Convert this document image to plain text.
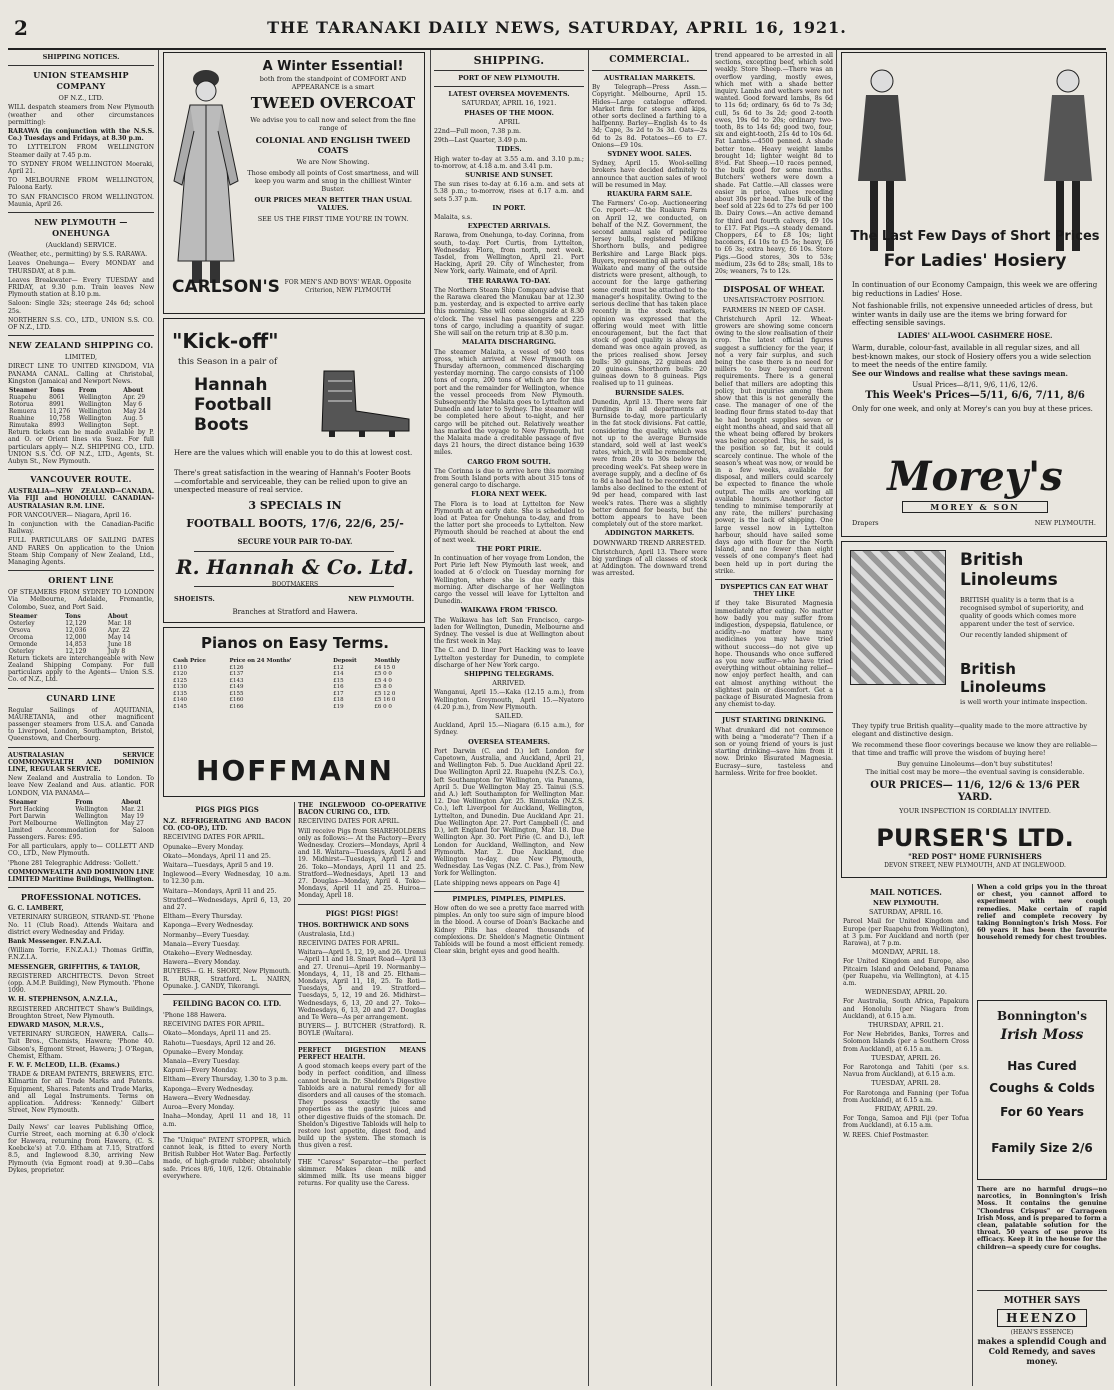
2	THE TARANAKI DAILY NEWS, SATURDAY, APRIL 16, 1921.
SHIPPING NOTICES.
UNION STEAMSHIP COMPANY
OF N.Z., LTD.

WILL despatch steamers from New Plymouth (weather and other circumstances permitting):

RARAWA (in conjunction with the N.S.S. Co.) Tuesdays and Fridays, at 8.30 p.m.

TO LYTTELTON FROM WELLINGTON Steamer daily at 7.45 p.m.

TO SYDNEY FROM WELLINGTON Moeraki, April 21.

TO MELBOURNE FROM WELLINGTON, Paloona Early.

TO SAN FRANCISCO FROM WELLINGTON. Maunia, April 26.

NEW PLYMOUTH — ONEHUNGA
(Auckland) SERVICE.

(Weather, etc., permitting) by S.S. RARAWA.

Leaves Onehunga— Every MONDAY and THURSDAY, at 8 p.m.

Leaves Breakwater— Every TUESDAY and FRIDAY, at 9.30 p.m. Train leaves New Plymouth station at 8.10 p.m.

Saloon: Single 32s; steerage 24s 6d; school 25s.

NORTHERN S.S. CO., LTD., UNION S.S. CO. OF N.Z., LTD.

NEW ZEALAND SHIPPING CO.
LIMITED,

DIRECT LINE TO UNITED KINGDOM, VIA PANAMA CANAL. Calling at Christobal, Kingston (Jamaica) and Newport News.

Steamer	Tons	From	About
Ruapehu	8061	Wellington	Apr. 29
Rotorua	8991	Wellington	May 6
Remuera	11,276	Wellington	May 24
Ruahine	10,758	Wellington	Aug. 5
Rimutaka	8993	Wellington	Sept.

Return tickets can be made available by P. and O. or Orient lines via Suez. For full particulars apply— N.Z. SHIPPING CO., LTD. UNION S.S. CO. OF N.Z., LTD., Agents, St. Aubyn St., New Plymouth.

VANCOUVER ROUTE.

AUSTRALIA—NEW ZEALAND—CANADA. Via FIJI and HONOLULU. CANADIAN-AUSTRALASIAN R.M. LINE.

FOR VANCOUVER— Niagara, April 16.

In conjunction with the Canadian-Pacific Railway.

FULL PARTICULARS OF SAILING DATES AND FARES On application to the Union Steam Ship Company of New Zealand, Ltd., Managing Agents.

ORIENT LINE

OF STEAMERS FROM SYDNEY TO LONDON Via Melbourne, Adelaide, Fremantle, Colombo, Suez, and Port Said.

Steamer	Tons	About
Osterley	12,129	Mar. 18
Orsova	12,036	Apr. 22
Orcoma	12,000	May 14
Ormonde	14,853	June 18
Osterley	12,129	July 8

Return tickets are interchangeable with New Zealand Shipping Company. For full particulars apply to the Agents— Union S.S. Co. of N.Z., Ltd.

CUNARD LINE

Regular Sailings of AQUITANIA, MAURETANIA, and other magnificent passenger steamers from U.S.A. and Canada to Liverpool, London, Southampton, Bristol, Queenstown, and Cherbourg.

AUSTRALASIAN SERVICE COMMONWEALTH AND DOMINION LINE, REGULAR SERVICE.

New Zealand and Australia to London. To leave New Zealand and Aus. atlantic. FOR LONDON, VIA PANAMA—

Steamer	From	About
Port Hacking	Wellington	Mar. 21
Port Darwin	Wellington	May 19
Port Melbourne	Wellington	May 27

Limited Accommodation for Saloon Passengers. Fares: £95.

For all particulars, apply to— COLLETT AND CO., LTD., New Plymouth.

'Phone 281 Telegraphic Address: 'Gollett.'

COMMONWEALTH AND DOMINION LINE LIMITED Maritime Buildings, Wellington.

PROFESSIONAL NOTICES.

G. C. LAMBERT,

VETERINARY SURGEON, STRAND-ST. 'Phone No. 11 (Club Road). Attends Waitara and district every Wednesday and Friday.

Bank Messenger. F.N.Z.A.I.

(William Torrie, F.N.Z.A.I.) Thomas Griffin, F.N.Z.I.A.

MESSENGER, GRIFFITHS, & TAYLOR,

REGISTERED ARCHITECTS. Devon Street (opp. A.M.P. Building), New Plymouth. 'Phone 1090.

W. H. STEPHENSON, A.N.Z.I.A.,

REGISTERED ARCHITECT Shaw's Buildings, Broughton Street, New Plymouth.

EDWARD MASON, M.R.V.S.,

VETERINARY SURGEON, HAWERA. Calls—Tait Bros., Chemists, Hawera; 'Phone 40. Gibson's, Egmont Street, Hawera; J. O'Regan, Chemist, Eltham.

F. W. F. McLEOD, LL.B. (Exams.)

TRADE & DREAM PATENTS, BREWERS, ETC. Kilmartin for all Trade Marks and Patents. Equipment, Shares. Patents and Trade Marks, and all Legal Instruments. Terms on application. Address: 'Kennedy.' Gilbert Street, New Plymouth.

Daily News' car leaves Publishing Office, Currie Street, each morning at 6.30 o'clock for Hawera, returning from Hawera, (C. S. Koebcke's) at 7.0. Eltham at 7.15, Stratford 8.5, and Inglewood 8.30, arriving New Plymouth (via Egmont road) at 9.30—Cabs Dykes, proprietor.

A Winter Essential!
both from the standpoint of COMFORT AND APPEARANCE is a smart
TWEED OVERCOAT
We advise you to call now and select from the fine range of
COLONIAL AND ENGLISH TWEED COATS
We are Now Showing.
Those embody all points of Cost smartness, and will keep you warm and snug in the chilliest Winter Buster.
OUR PRICES MEAN BETTER THAN USUAL VALUES.
SEE US THE FIRST TIME YOU'RE IN TOWN.
CARLSON'S FOR MEN'S AND BOYS' WEAR. Opposite Criterion, NEW PLYMOUTH
"Kick-off"
this Season in a pair of
Hannah
Football
Boots
Here are the values which will enable you to do this at lowest cost.
There's great satisfaction in the wearing of Hannah's Footer Boots—comfortable and serviceable, they can be relied upon to give an unexpected measure of real service.
3 SPECIALS IN
FOOTBALL BOOTS, 17/6, 22/6, 25/-
SECURE YOUR PAIR TO-DAY.
R. Hannah & Co. Ltd.
BOOTMAKERS
SHOEISTS.	NEW PLYMOUTH.
Branches at Stratford and Hawera.
Pianos on Easy Terms.
Cash Price	Price on 24 Months'	Deposit	Monthly
£110	£126	£12	£4 15 0
£120	£137	£14	£5 0 0
£125	£143	£15	£5 4 0
£130	£149	£16	£5 8 0
£135	£155	£17	£5 12 0
£140	£160	£18	£5 16 0
£145	£166	£19	£6 0 0
HOFFMANN
PIGS PIGS PIGS

N.Z. REFRIGERATING AND BACON CO. (CO-OP.), LTD.

RECEIVING DATES FOR APRIL.

Opunake—Every Monday.

Okato—Mondays, April 11 and 25.

Waitara—Tuesdays, April 5 and 19.

Inglewood—Every Wednesday, 10 a.m. to 12.30 p.m.

Waitara—Mondays, April 11 and 25.

Stratford—Wednesdays, April 6, 13, 20 and 27.

Eltham—Every Thursday.

Kaponga—Every Wednesday.

Normanby—Every Tuesday.

Manaia—Every Tuesday.

Otakeho—Every Wednesday.

Hawera—Every Monday.

BUYERS— G. H. SHORT, New Plymouth. R. BURR, Stratford. L. NAIRN, Opunake. J. CANDY, Tikorangi.

FEILDING BACON CO. LTD.

'Phone 188 Hawera.

RECEIVING DATES FOR APRIL.

Okato—Mondays, April 11 and 25.

Rahotu—Tuesdays, April 12 and 26.

Opunake—Every Monday.

Manaia—Every Tuesday.

Kapuni—Every Monday.

Eltham—Every Thursday, 1.30 to 3 p.m.

Kaponga—Every Wednesday.

Hawera—Every Wednesday.

Auroa—Every Monday.

Inaha—Monday, April 11 and 18, 11 a.m.

The "Unique" PATENT STOPPER, which cannot leak, is fitted to every North British Rubber Hot Water Bag. Perfectly made, of high-grade rubber; absolutely safe. Prices 8/6, 10/6, 12/6. Obtainable everywhere.

THE INGLEWOOD CO-OPERATIVE BACON CURING CO., LTD.

RECEIVING DATES FOR APRIL.

Will receive Pigs from SHAREHOLDERS only as follows:— At the Factory—Every Wednesday. Croziers—Mondays, April 4 and 18. Waitara—Tuesdays, April 5 and 19. Midhirst—Tuesdays, April 12 and 26. Toko—Mondays, April 11 and 25. Stratford—Wednesdays, April 13 and 27. Douglas—Monday, April 4. Toko—Mondays, April 11 and 25. Huiroa—Monday, April 18.

PIGS! PIGS! PIGS!

THOS. BORTHWICK AND SONS

(Australasia, Ltd.)

RECEIVING DATES FOR APRIL.

Waitara—April 5, 12, 19, and 26. Urenui—April 11 and 18. Smart Road—April 13 and 27. Urenui—April 19. Normanby—Mondays, 4, 11, 18 and 25. Eltham—Mondays, April 11, 18, 25. Te Roti—Tuesdays, 5 and 19. Stratford—Tuesdays, 5, 12, 19 and 26. Midhirst—Wednesdays, 6, 13, 20 and 27. Toko—Wednesdays, 6, 13, 20 and 27. Douglas and Te Wera—As per arrangement.

BUYERS— J. BUTCHER (Stratford). R. BOYLE (Waitara).

PERFECT DIGESTION MEANS PERFECT HEALTH.

A good stomach keeps every part of the body in perfect condition, and illness cannot break in. Dr. Sheldon's Digestive Tabloids are a natural remedy for all disorders and all causes of the stomach. They possess exactly the same properties as the gastric juices and other digestive fluids of the stomach. Dr. Sheldon's Digestive Tabloids will help to restore lost appetite, digest food, and build up the system. The stomach is thus given a rest.

THE "Caress" Separator—the perfect skimmer. Makes clean milk and skimmed milk. Its use means bigger returns. For quality use the Caress.

SHIPPING.
PORT OF NEW PLYMOUTH.
LATEST OVERSEA MOVEMENTS.
SATURDAY, APRIL 16, 1921.
PHASES OF THE MOON.
APRIL

22nd—Full moon, 7.38 p.m.

29th—Last Quarter, 3.49 p.m.

TIDES.

High water to-day at 3.55 a.m. and 3.10 p.m.; to-morrow, at 4.18 a.m. and 3.41 p.m.

SUNRISE AND SUNSET.

The sun rises to-day at 6.16 a.m. and sets at 5.38 p.m.; to-morrow, rises at 6.17 a.m. and sets 5.37 p.m.

IN PORT.

Malaita, s.s.

EXPECTED ARRIVALS.

Rarawa, from Onehunga, to-day. Corinna, from south, to-day. Port Curtis, from Lyttelton, Wednesday. Flora, from north, next week. Tasdel, from Wellington, April 21. Port Hacking, April 29. City of Winchester, from New York, early. Waimate, end of April.

THE RARAWA TO-DAY.

The Northern Steam Ship Company advise that the Rarawa cleared the Manukau bar at 12.30 p.m. yesterday, and is expected to arrive early this morning. She will come alongside at 8.30 o'clock. The vessel has passengers and 225 tons of cargo, including a quantity of sugar. She will sail on the return trip at 8.30 p.m.

MALAITA DISCHARGING.

The steamer Malaita, a vessel of 940 tons gross, which arrived at New Plymouth on Thursday afternoon, commenced discharging yesterday morning. The cargo consists of 1100 tons of copra, 200 tons of which are for this port and the remainder for Wellington, whence the vessel proceeds from New Plymouth. Subsequently the Malaita goes to Lyttelton and Dunedin and later to Sydney. The steamer will be completed here about to-night, and her cargo will be pitched out. Relatively weather has marked the voyage to New Plymouth, but the Malaita made a creditable passage of five days 21 hours, the direct distance being 1639 miles.

CARGO FROM SOUTH.

The Corinna is due to arrive here this morning from South Island ports with about 315 tons of general cargo to discharge.

FLORA NEXT WEEK.

The Flora is to load at Lyttelton for New Plymouth at an early date. She is scheduled to load at Patea for Onehunga to-day, and from the latter port she proceeds to Lyttelton. New Plymouth should be reached at about the end of next week.

THE PORT PIRIE.

In continuation of her voyage from London, the Port Pirie left New Plymouth last week, and loaded at 6 o'clock on Tuesday morning for Wellington, where she is due early this morning. After discharge of her Wellington cargo the vessel will leave for Lyttelton and Dunedin.

WAIKAWA FROM 'FRISCO.

The Waikawa has left San Francisco, cargo-laden for Wellington, Dunedin, Melbourne and Sydney. The vessel is due at Wellington about the first week in May.

The C. and D. liner Port Hacking was to leave Lyttelton yesterday for Dunedin, to complete discharge of her New York cargo.

SHIPPING TELEGRAMS.
ARRIVED.

Wanganui, April 15.—Kaka (12.15 a.m.), from Wellington. Greymouth, April 15.—Nyatoro (4.20 p.m.), from New Plymouth.

SAILED.

Auckland, April 15.—Niagara (6.15 a.m.), for Sydney.

OVERSEA STEAMERS.

Port Darwin (C. and D.) left London for Capetown, Australia, and Auckland, April 21, and Wellington Feb. 5. Due Auckland April 22. Due Wellington April 22. Ruapehu (N.Z.S. Co.), left Southampton for Wellington, via Panama, April 5. Due Wellington May 25. Tainui (S.S. and A.) left Southampton for Wellington Mar. 12. Due Wellington Apr. 25. Rimutaka (N.Z.S. Co.), left Liverpool for Auckland, Wellington, Lyttelton, and Dunedin. Due Auckland Apr. 21. Due Wellington Apr. 27. Port Campbell (C. and D.), left England for Wellington, Mar. 18. Due Wellington Apr. 30. Port Pirie (C. and D.), left London for Auckland, Wellington, and New Plymouth. Mar. 2. Due Auckland, due Wellington to-day, due New Plymouth, Wednesday. Las Vegas (N.Z. C. Pas.), from New York for Wellington.

[Late shipping news appears on Page 4]

PIMPLES, PIMPLES, PIMPLES.

How often do we see a pretty face marred with pimples. An only too sure sign of impure blood in the blood. A course of Doan's Backache and Kidney Pills has cleared thousands of complexions. Dr. Sheldon's Magnetic Ointment Tabloids will be found a most efficient remedy. Clear skin, bright eyes and good health.

COMMERCIAL.
AUSTRALIAN MARKETS.

By Telegraph—Press Assn.—Copyright. Melbourne, April 15. Hides—Large catalogue offered. Market firm for steers and kips, other sorts declined a farthing to a halfpenny. Barley—English 4s to 4s 3d; Cape, 3s 2d to 3s 3d. Oats—2s 6d to 2s 8d. Potatoes—£6 to £7. Onions—£9 10s.

SYDNEY WOOL SALES.

Sydney, April 15. Wool-selling brokers have decided definitely to announce that auction sales of wool will be resumed in May.

RUAKURA FARM SALE.

The Farmers' Co-op. Auctioneering Co. report:—At the Ruakura Farm on April 12, we conducted, on behalf of the N.Z. Government, the second annual sale of pedigree Jersey bulls, registered Milking Shorthorn bulls, and pedigree Berkshire and Large Black pigs. Buyers, representing all parts of the Waikato and many of the outside districts were present, although, to account for the large gathering some credit must be attached to the manager's hospitality. Owing to the serious decline that has taken place recently in the stock markets, opinion was expressed that the offering would meet with little encouragement, but the fact that stock of good quality is always in demand was once again proved, as the prices realised show. Jersey bulls: 30 guineas, 22 guineas and 20 guineas. Shorthorn bulls: 20 guineas down to 8 guineas. Pigs realised up to 11 guineas.

BURNSIDE SALES.

Dunedin, April 13. There were fair yardings in all departments at Burnside to-day, more particularly in the fat stock divisions. Fat cattle, considering the quality, which was not up to the average Burnside standard, sold well at last week's rates, which, it will be remembered, were from 20s to 30s below the preceding week's. Fat sheep were in average supply, and a decline of 6s to 8d a head had to be recorded. Fat lambs also declined to the extent of 9d per head, compared with last week's rates. There was a slightly better demand for beasts, but the bottom appears to have been completely out of the store market.

ADDINGTON MARKETS.
DOWNWARD TREND ARRESTED.

Christchurch, April 13. There were big yardings of all classes of stock at Addington. The downward trend was arrested.

trend appeared to be arrested in all sections, excepting beef, which sold weakly. Store Sheep.—There was an overflow yarding, mostly ewes, which met with a shade better inquiry. Lambs and wethers were not wanted. Good forward lambs, 8s 6d to 11s 6d; ordinary, 6s 6d to 7s 3d; cull, 5s 6d to 3s 2d; good 2-tooth ewes, 19s 6d to 20s; ordinary two-tooth, 8s to 14s 6d; good two, four, six and eight-tooth, 21s 4d to 10s 6d. Fat Lambs.—4500 penned. A shade better tone. Heavy weight lambs brought 1d; lighter weight 8d to 8½d. Fat Sheep.—10 races penned, the bulk good for some months. Butchers' wethers were down a shade. Fat Cattle.—All classes were easier in price, values receding about 30s per head. The bulk of the beef sold at 22s 6d to 27s 6d per 100 lb. Dairy Cows.—An active demand for third and fourth calvers, £9 10s to £17. Fat Pigs.—A steady demand. Choppers, £4 to £8 10s; light baconers, £4 10s to £5 5s; heavy, £6 to £6 3s; extra heavy, £6 10s. Store Pigs.—Good stores, 30s to 53s; medium, 23s 6d to 28s; small, 18s to 20s; weaners, 7s to 12s.

DISPOSAL OF WHEAT.
UNSATISFACTORY POSITION.
FARMERS IN NEED OF CASH.

Christchurch April 12. Wheat-growers are showing some concern owing to the slow realisation of their crop. The latest official figures suggest a sufficiency for the year, if not a very fair surplus, and such being the case there is no need for millers to buy beyond current requirements. There is a general belief that millers are adopting this policy, but inquiries among them show that this is not generally the case. The manager of one of the leading flour firms stated to-day that he had bought supplies seven or eight months ahead, and said that all the wheat being offered by brokers was being accepted. This, he said, is the position so far, but it could scarcely continue. The whole of the season's wheat was now, or would be in a few weeks, available for disposal, and millers could scarcely be expected to finance the whole output. The mills are working all available hours. Another factor tending to minimise temporarily at any rate, the millers' purchasing power, is the lack of shipping. One large vessel now in Lyttelton harbour, should have sailed some days ago with flour for the North Island, and no fewer than eight vessels of one company's fleet had been held up in port during the strike.

DYSPEPTICS CAN EAT WHAT THEY LIKE

if they take Bisurated Magnesia immediately after eating. No matter how badly you may suffer from indigestion, dyspepsia, flatulence, or acidity—no matter how many medicines you may have tried without success—do not give up hope. Thousands who once suffered as you now suffer—who have tried everything without obtaining relief—now enjoy perfect health, and can eat almost anything without the slightest pain or discomfort. Get a package of Bisurated Magnesia from any chemist to-day.

JUST STARTING DRINKING.

What drunkard did not commence with being a "moderate"? Then if a son or young friend of yours is just starting drinking—save him from it now. Drinko Bisurated Magnesia. Eucrasy—sure, tasteless and harmless. Write for free booklet.

The Last Few Days of Short Prices
For Ladies' Hosiery

In continuation of our Economy Campaign, this week we are offering big reductions in Ladies' Hose.

Not fashionable frills, not expensive unneeded articles of dress, but winter wants in daily use are the items we bring forward for effecting sensible savings.

LADIES' ALL-WOOL CASHMERE HOSE.

Warm, durable, colour-fast, available in all regular sizes, and all best-known makes, our stock of Hosiery offers you a wide selection to meet the needs of the entire family.

See our Windows and realise what these savings mean.

Usual Prices—8/11, 9/6, 11/6, 12/6.

This Week's Prices—5/11, 6/6, 7/11, 8/6

Only for one week, and only at Morey's can you buy at these prices.

Morey's
MOREY & SON
Drapers	NEW PLYMOUTH.
British
Linoleums

BRITISH quality is a term that is a recognised symbol of superiority, and quality of goods which comes more apparent under the test of service.

Our recently landed shipment of

British
Linoleums
is well worth your intimate inspection.

They typify true British quality—quality made to the more attractive by elegant and distinctive design.

We recommend these floor coverings because we know they are reliable—that time and traffic will prove the wisdom of buying here!

Buy genuine Linoleums—don't buy substitutes!

The initial cost may be more—the eventual saving is considerable.

OUR PRICES— 11/6, 12/6 & 13/6 PER YARD.

YOUR INSPECTION IS CORDIALLY INVITED.

PURSER'S LTD.
"RED POST" HOME FURNISHERS
DEVON STREET, NEW PLYMOUTH, AND AT INGLEWOOD.
MAIL NOTICES.
NEW PLYMOUTH.
SATURDAY, APRIL 16.

Parcel Mail for United Kingdom and Europe (per Ruapehu from Wellington), at 3 p.m. For Auckland and north (per Rarawa), at 7 p.m.

MONDAY, APRIL 18.

For United Kingdom and Europe, also Pitcairn Island and Oeleband, Panama (per Ruapehu, via Wellington), at 4.15 a.m.

WEDNESDAY, APRIL 20.

For Australia, South Africa, Papakura and Honolulu (per Niagara from Auckland), at 6.15 a.m.

THURSDAY, APRIL 21.

For New Hebrides, Banks, Torres and Solomon Islands (per a Southern Cross from Auckland), at 6.15 a.m.

TUESDAY, APRIL 26.

For Rarotonga and Tahiti (per s.s. Navua from Auckland), at 6.15 a.m.

TUESDAY, APRIL 28.

For Rarotonga and Fanning (per Tofua from Auckland), at 6.15 a.m.

FRIDAY, APRIL 29.

For Tonga, Samoa and Fiji (per Tofua from Auckland), at 6.15 a.m.

W. REES. Chief Postmaster.

When a cold grips you in the throat or chest, you cannot afford to experiment with new cough remedies. Make certain of rapid relief and complete recovery by taking Bonnington's Irish Moss. For 60 years it has been the favourite household remedy for chest troubles.

Bonnington's
Irish Moss
Has Cured
Coughs & Colds
For 60 Years
Family Size 2/6

There are no harmful drugs—no narcotics, in Bonnington's Irish Moss. It contains the genuine "Chondrus Crispus" or Carrageen Irish Moss, and is prepared to form a clean, palatable solution for the throat. 50 years of use prove its efficacy. Keep it in the house for the children—a speedy cure for coughs.

MOTHER SAYS
HEENZO
(HEAN'S ESSENCE)
makes a splendid Cough and Cold Remedy, and saves money.
